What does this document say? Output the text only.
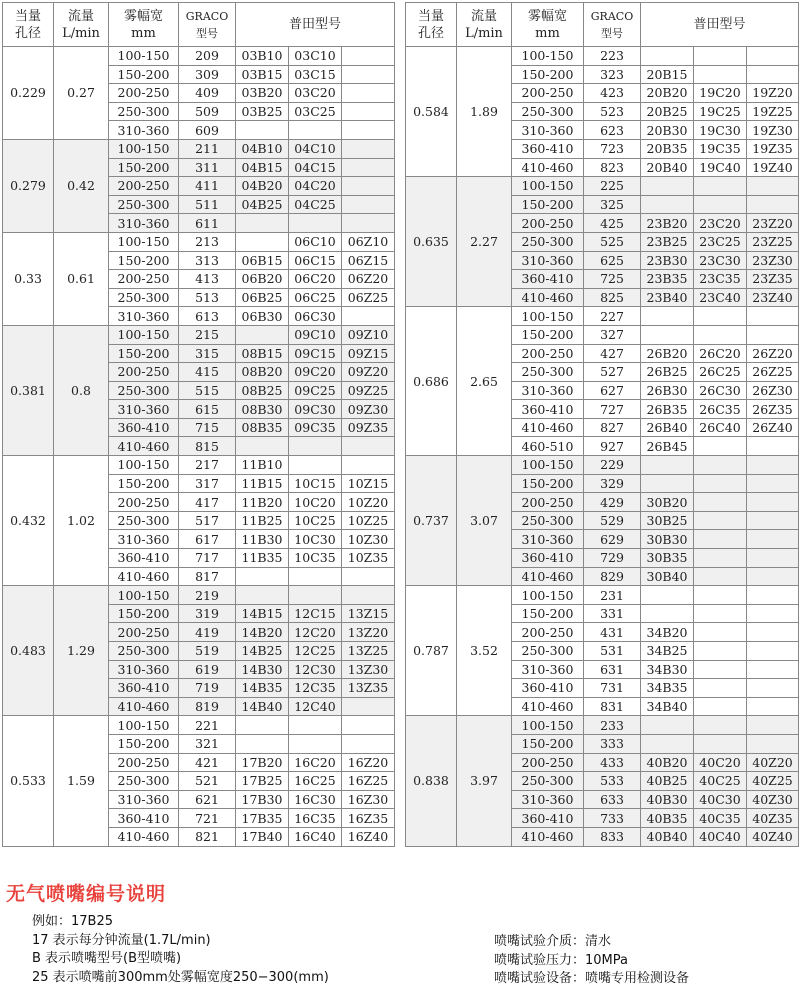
当量
孔径	流量
L/min	雾幅宽
mm	GRACO
型号	普田型号		
0.229	0.27	100-150	209	03B10	03C10	
		150-200	309	03B15	03C15	
		200-250	409	03B20	03C20	
		250-300	509	03B25	03C25	
		310-360	609			
0.279	0.42	100-150	211	04B10	04C10	
		150-200	311	04B15	04C15	
		200-250	411	04B20	04C20	
		250-300	511	04B25	04C25	
		310-360	611			
0.33	0.61	100-150	213		06C10	06Z10
		150-200	313	06B15	06C15	06Z15
		200-250	413	06B20	06C20	06Z20
		250-300	513	06B25	06C25	06Z25
		310-360	613	06B30	06C30	
0.381	0.8	100-150	215		09C10	09Z10
		150-200	315	08B15	09C15	09Z15
		200-250	415	08B20	09C20	09Z20
		250-300	515	08B25	09C25	09Z25
		310-360	615	08B30	09C30	09Z30
		360-410	715	08B35	09C35	09Z35
		410-460	815			
0.432	1.02	100-150	217	11B10		
		150-200	317	11B15	10C15	10Z15
		200-250	417	11B20	10C20	10Z20
		250-300	517	11B25	10C25	10Z25
		310-360	617	11B30	10C30	10Z30
		360-410	717	11B35	10C35	10Z35
		410-460	817			
0.483	1.29	100-150	219			
		150-200	319	14B15	12C15	13Z15
		200-250	419	14B20	12C20	13Z20
		250-300	519	14B25	12C25	13Z25
		310-360	619	14B30	12C30	13Z30
		360-410	719	14B35	12C35	13Z35
		410-460	819	14B40	12C40	
0.533	1.59	100-150	221			
		150-200	321			
		200-250	421	17B20	16C20	16Z20
		250-300	521	17B25	16C25	16Z25
		310-360	621	17B30	16C30	16Z30
		360-410	721	17B35	16C35	16Z35
		410-460	821	17B40	16C40	16Z40
当量
孔径	流量
L/min	雾幅宽
mm	GRACO
型号	普田型号		
0.584	1.89	100-150	223			
		150-200	323	20B15		
		200-250	423	20B20	19C20	19Z20
		250-300	523	20B25	19C25	19Z25
		310-360	623	20B30	19C30	19Z30
		360-410	723	20B35	19C35	19Z35
		410-460	823	20B40	19C40	19Z40
0.635	2.27	100-150	225			
		150-200	325			
		200-250	425	23B20	23C20	23Z20
		250-300	525	23B25	23C25	23Z25
		310-360	625	23B30	23C30	23Z30
		360-410	725	23B35	23C35	23Z35
		410-460	825	23B40	23C40	23Z40
0.686	2.65	100-150	227			
		150-200	327			
		200-250	427	26B20	26C20	26Z20
		250-300	527	26B25	26C25	26Z25
		310-360	627	26B30	26C30	26Z30
		360-410	727	26B35	26C35	26Z35
		410-460	827	26B40	26C40	26Z40
		460-510	927	26B45		
0.737	3.07	100-150	229			
		150-200	329			
		200-250	429	30B20		
		250-300	529	30B25		
		310-360	629	30B30		
		360-410	729	30B35		
		410-460	829	30B40		
0.787	3.52	100-150	231			
		150-200	331			
		200-250	431	34B20		
		250-300	531	34B25		
		310-360	631	34B30		
		360-410	731	34B35		
		410-460	831	34B40		
0.838	3.97	100-150	233			
		150-200	333			
		200-250	433	40B20	40C20	40Z20
		250-300	533	40B25	40C25	40Z25
		310-360	633	40B30	40C30	40Z30
		360-410	733	40B35	40C35	40Z35
		410-460	833	40B40	40C40	40Z40
无气喷嘴编号说明
例如：17B25
17 表示每分钟流量(1.7L/min)
B 表示喷嘴型号(B型喷嘴)
25 表示喷嘴前300mm处雾幅宽度250−300(mm)
喷嘴试验介质：清水
喷嘴试验压力：10MPa
喷嘴试验设备：喷嘴专用检测设备
